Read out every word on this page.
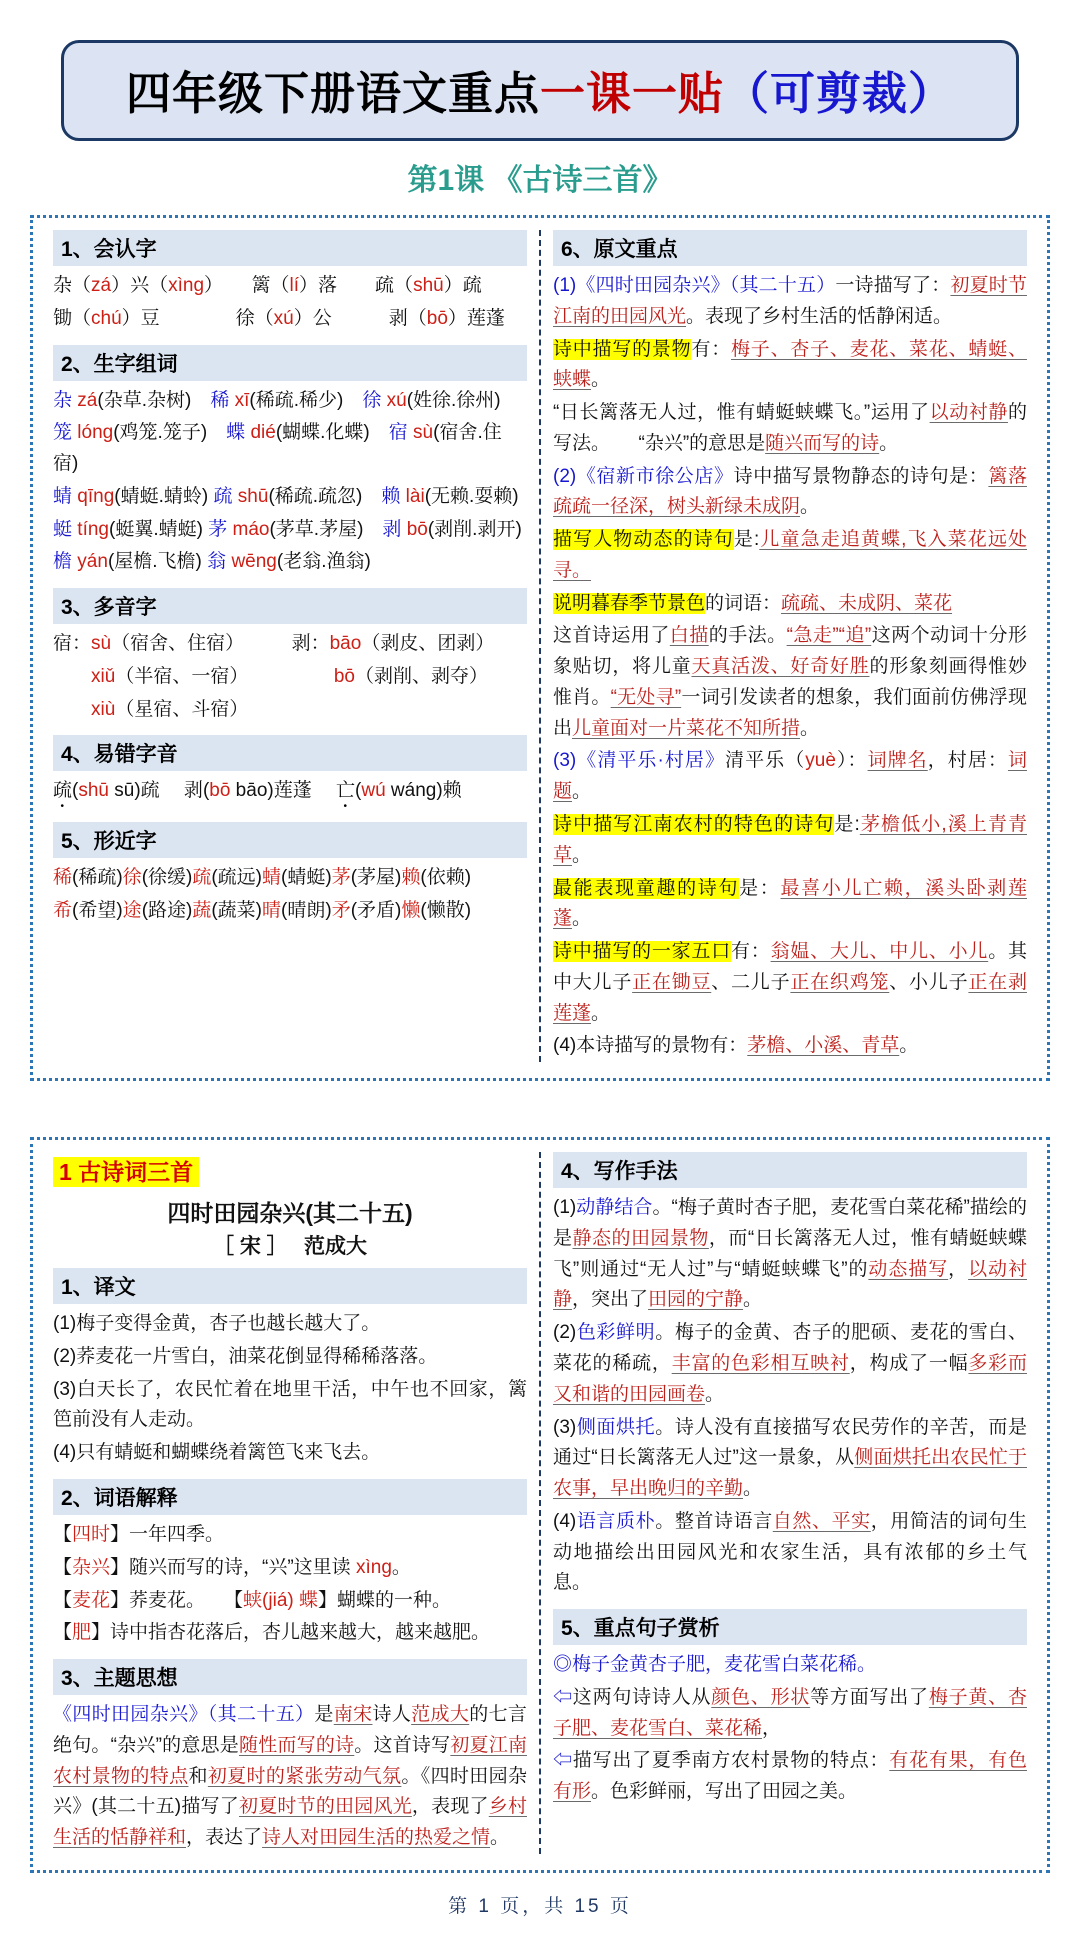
四年级下册语文重点一课一贴（可剪裁）
第1课 《古诗三首》
1、会认字
杂（zá）兴（xìng）　　篱（lí）落　　疏（shū）疏
锄（chú）豆　　　　徐（xú）公　　　剥（bō）莲蓬
2、生字组词
杂 zá(杂草.杂树)　稀 xī(稀疏.稀少)　徐 xú(姓徐.徐州)
笼 lóng(鸡笼.笼子)　蝶 dié(蝴蝶.化蝶)　宿 sù(宿舍.住宿)
蜻 qīng(蜻蜓.蜻蛉) 疏 shū(稀疏.疏忽)　赖 lài(无赖.耍赖)
蜓 tíng(蜓翼.蜻蜓) 茅 máo(茅草.茅屋)　剥 bō(剥削.剥开)
檐 yán(屋檐.飞檐) 翁 wēng(老翁.渔翁)
3、多音字
宿：sù（宿舍、住宿）　　　剥：bāo（剥皮、团剥）
　　xiǔ（半宿、一宿）　　　　　bō（剥削、剥夺）
　　xiù（星宿、斗宿）
4、易错字音
疏(shū sū)疏　 剥(bō bāo)莲蓬　 亡(wú wáng)赖
5、形近字
稀(稀疏)徐(徐缓)疏(疏远)蜻(蜻蜓)茅(茅屋)赖(依赖)
希(希望)途(路途)蔬(蔬菜)晴(晴朗)矛(矛盾)懒(懒散)
6、原文重点
(1)《四时田园杂兴》（其二十五）一诗描写了：初夏时节江南的田园风光。表现了乡村生活的恬静闲适。
诗中描写的景物有：梅子、杏子、麦花、菜花、蜻蜓、蛱蝶。
“日长篱落无人过，惟有蜻蜓蛱蝶飞。”运用了以动衬静的写法。　　“杂兴”的意思是随兴而写的诗。
(2)《宿新市徐公店》诗中描写景物静态的诗句是：篱落疏疏一径深，树头新绿未成阴。
描写人物动态的诗句是:儿童急走追黄蝶,飞入菜花远处寻。
说明暮春季节景色的词语：疏疏、未成阴、菜花
这首诗运用了白描的手法。“急走”“追”这两个动词十分形象贴切，将儿童天真活泼、好奇好胜的形象刻画得惟妙惟肖。“无处寻”一词引发读者的想象，我们面前仿佛浮现出儿童面对一片菜花不知所措。
(3)《清平乐·村居》清平乐（yuè）：词牌名，村居：词题。
诗中描写江南农村的特色的诗句是:茅檐低小,溪上青青草。
最能表现童趣的诗句是：最喜小儿亡赖，溪头卧剥莲蓬。
诗中描写的一家五口有：翁媪、大儿、中儿、小儿。其中大儿子正在锄豆、二儿子正在织鸡笼、小儿子正在剥莲蓬。
(4)本诗描写的景物有：茅檐、小溪、青草。
1 古诗词三首
四时田园杂兴(其二十五)
［ 宋 ］　 范成大
1、译文
(1)梅子变得金黄，杏子也越长越大了。
(2)荞麦花一片雪白，油菜花倒显得稀稀落落。
(3)白天长了，农民忙着在地里干活，中午也不回家，篱笆前没有人走动。
(4)只有蜻蜓和蝴蝶绕着篱笆飞来飞去。
2、词语解释
【四时】一年四季。
【杂兴】随兴而写的诗，“兴”这里读 xìng。
【麦花】荞麦花。　　【蛱(jiá) 蝶】蝴蝶的一种。
【肥】诗中指杏花落后，杏儿越来越大，越来越肥。
3、主题思想
《四时田园杂兴》（其二十五）是南宋诗人范成大的七言绝句。“杂兴”的意思是随性而写的诗。这首诗写初夏江南农村景物的特点和初夏时的紧张劳动气氛。《四时田园杂兴》(其二十五)描写了初夏时节的田园风光，表现了乡村生活的恬静祥和，表达了诗人对田园生活的热爱之情。
4、写作手法
(1)动静结合。“梅子黄时杏子肥，麦花雪白菜花稀”描绘的是静态的田园景物，而“日长篱落无人过，惟有蜻蜓蛱蝶飞”则通过“无人过”与“蜻蜓蛱蝶飞”的动态描写，以动衬静，突出了田园的宁静。
(2)色彩鲜明。梅子的金黄、杏子的肥硕、麦花的雪白、菜花的稀疏，丰富的色彩相互映衬，构成了一幅多彩而又和谐的田园画卷。
(3)侧面烘托。诗人没有直接描写农民劳作的辛苦，而是通过“日长篱落无人过”这一景象，从侧面烘托出农民忙于农事，早出晚归的辛勤。
(4)语言质朴。整首诗语言自然、平实，用简洁的词句生动地描绘出田园风光和农家生活，具有浓郁的乡土气息。
5、重点句子赏析
◎梅子金黄杏子肥，麦花雪白菜花稀。
⇦这两句诗诗人从颜色、形状等方面写出了梅子黄、杏子肥、麦花雪白、菜花稀，
⇦描写出了夏季南方农村景物的特点：有花有果，有色有形。色彩鲜丽，写出了田园之美。
第 1 页，共 15 页
